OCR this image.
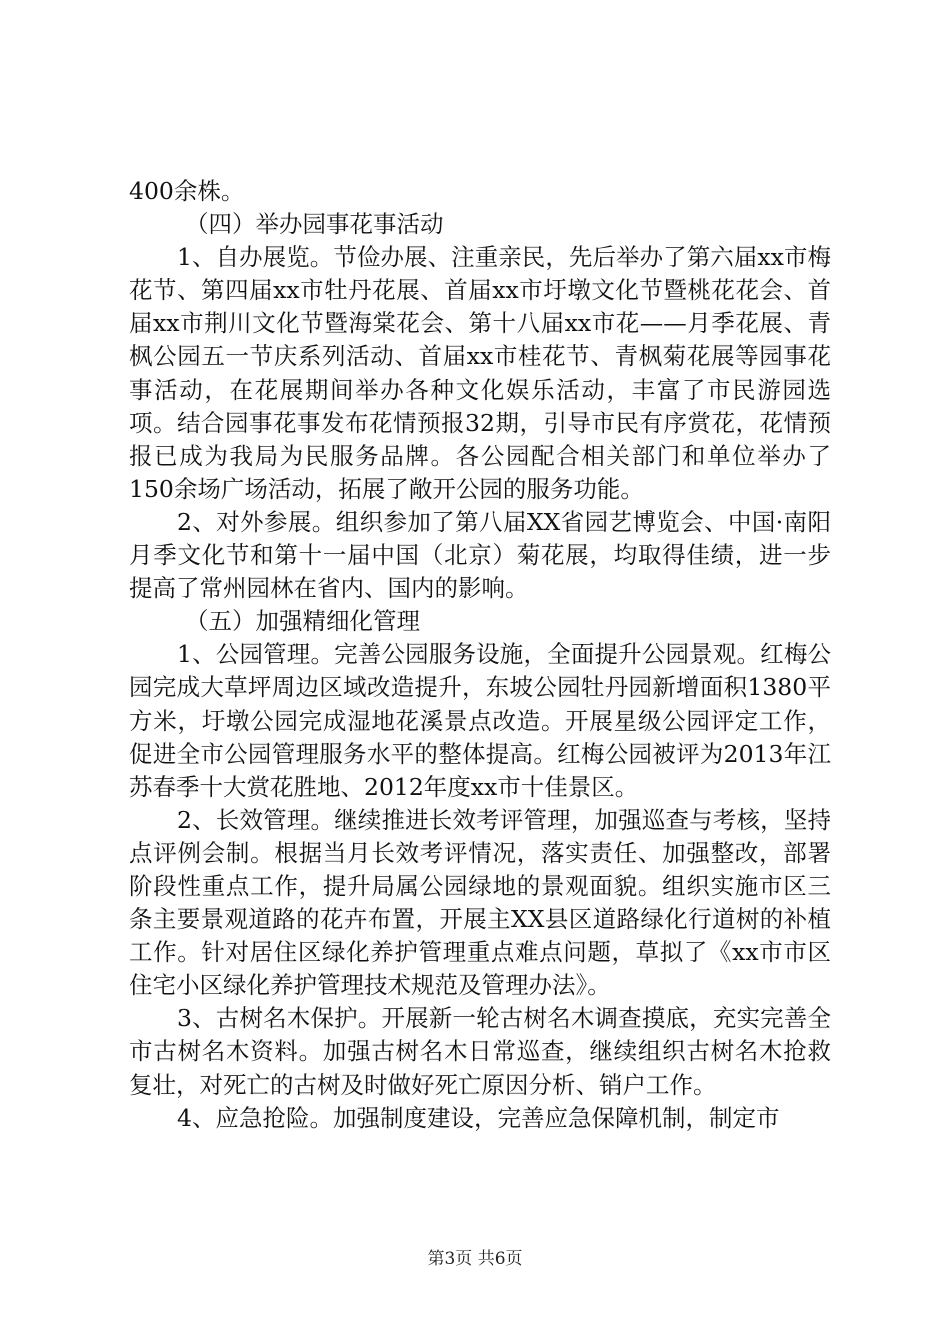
400余株。

（四）举办园事花事活动

1、自办展览。节俭办展、注重亲民，先后举办了第六届xx市梅花节、第四届xx市牡丹花展、首届xx市圩墩文化节暨桃花花会、首届xx市荆川文化节暨海棠花会、第十八届xx市花——月季花展、青枫公园五一节庆系列活动、首届xx市桂花节、青枫菊花展等园事花事活动，在花展期间举办各种文化娱乐活动，丰富了市民游园选项。结合园事花事发布花情预报32期，引导市民有序赏花，花情预报已成为我局为民服务品牌。各公园配合相关部门和单位举办了150余场广场活动，拓展了敞开公园的服务功能。

2、对外参展。组织参加了第八届XX省园艺博览会、中国·南阳月季文化节和第十一届中国（北京）菊花展，均取得佳绩，进一步提高了常州园林在省内、国内的影响。

（五）加强精细化管理

1、公园管理。完善公园服务设施，全面提升公园景观。红梅公园完成大草坪周边区域改造提升，东坡公园牡丹园新增面积1380平方米，圩墩公园完成湿地花溪景点改造。开展星级公园评定工作，促进全市公园管理服务水平的整体提高。红梅公园被评为2013年江苏春季十大赏花胜地、2012年度xx市十佳景区。

2、长效管理。继续推进长效考评管理，加强巡查与考核，坚持点评例会制。根据当月长效考评情况，落实责任、加强整改，部署阶段性重点工作，提升局属公园绿地的景观面貌。组织实施市区三条主要景观道路的花卉布置，开展主XX县区道路绿化行道树的补植工作。针对居住区绿化养护管理重点难点问题，草拟了《xx市市区住宅小区绿化养护管理技术规范及管理办法》。

3、古树名木保护。开展新一轮古树名木调查摸底，充实完善全市古树名木资料。加强古树名木日常巡查，继续组织古树名木抢救复壮，对死亡的古树及时做好死亡原因分析、销户工作。

4、应急抢险。加强制度建设，完善应急保障机制，制定市

第3页 共6页
